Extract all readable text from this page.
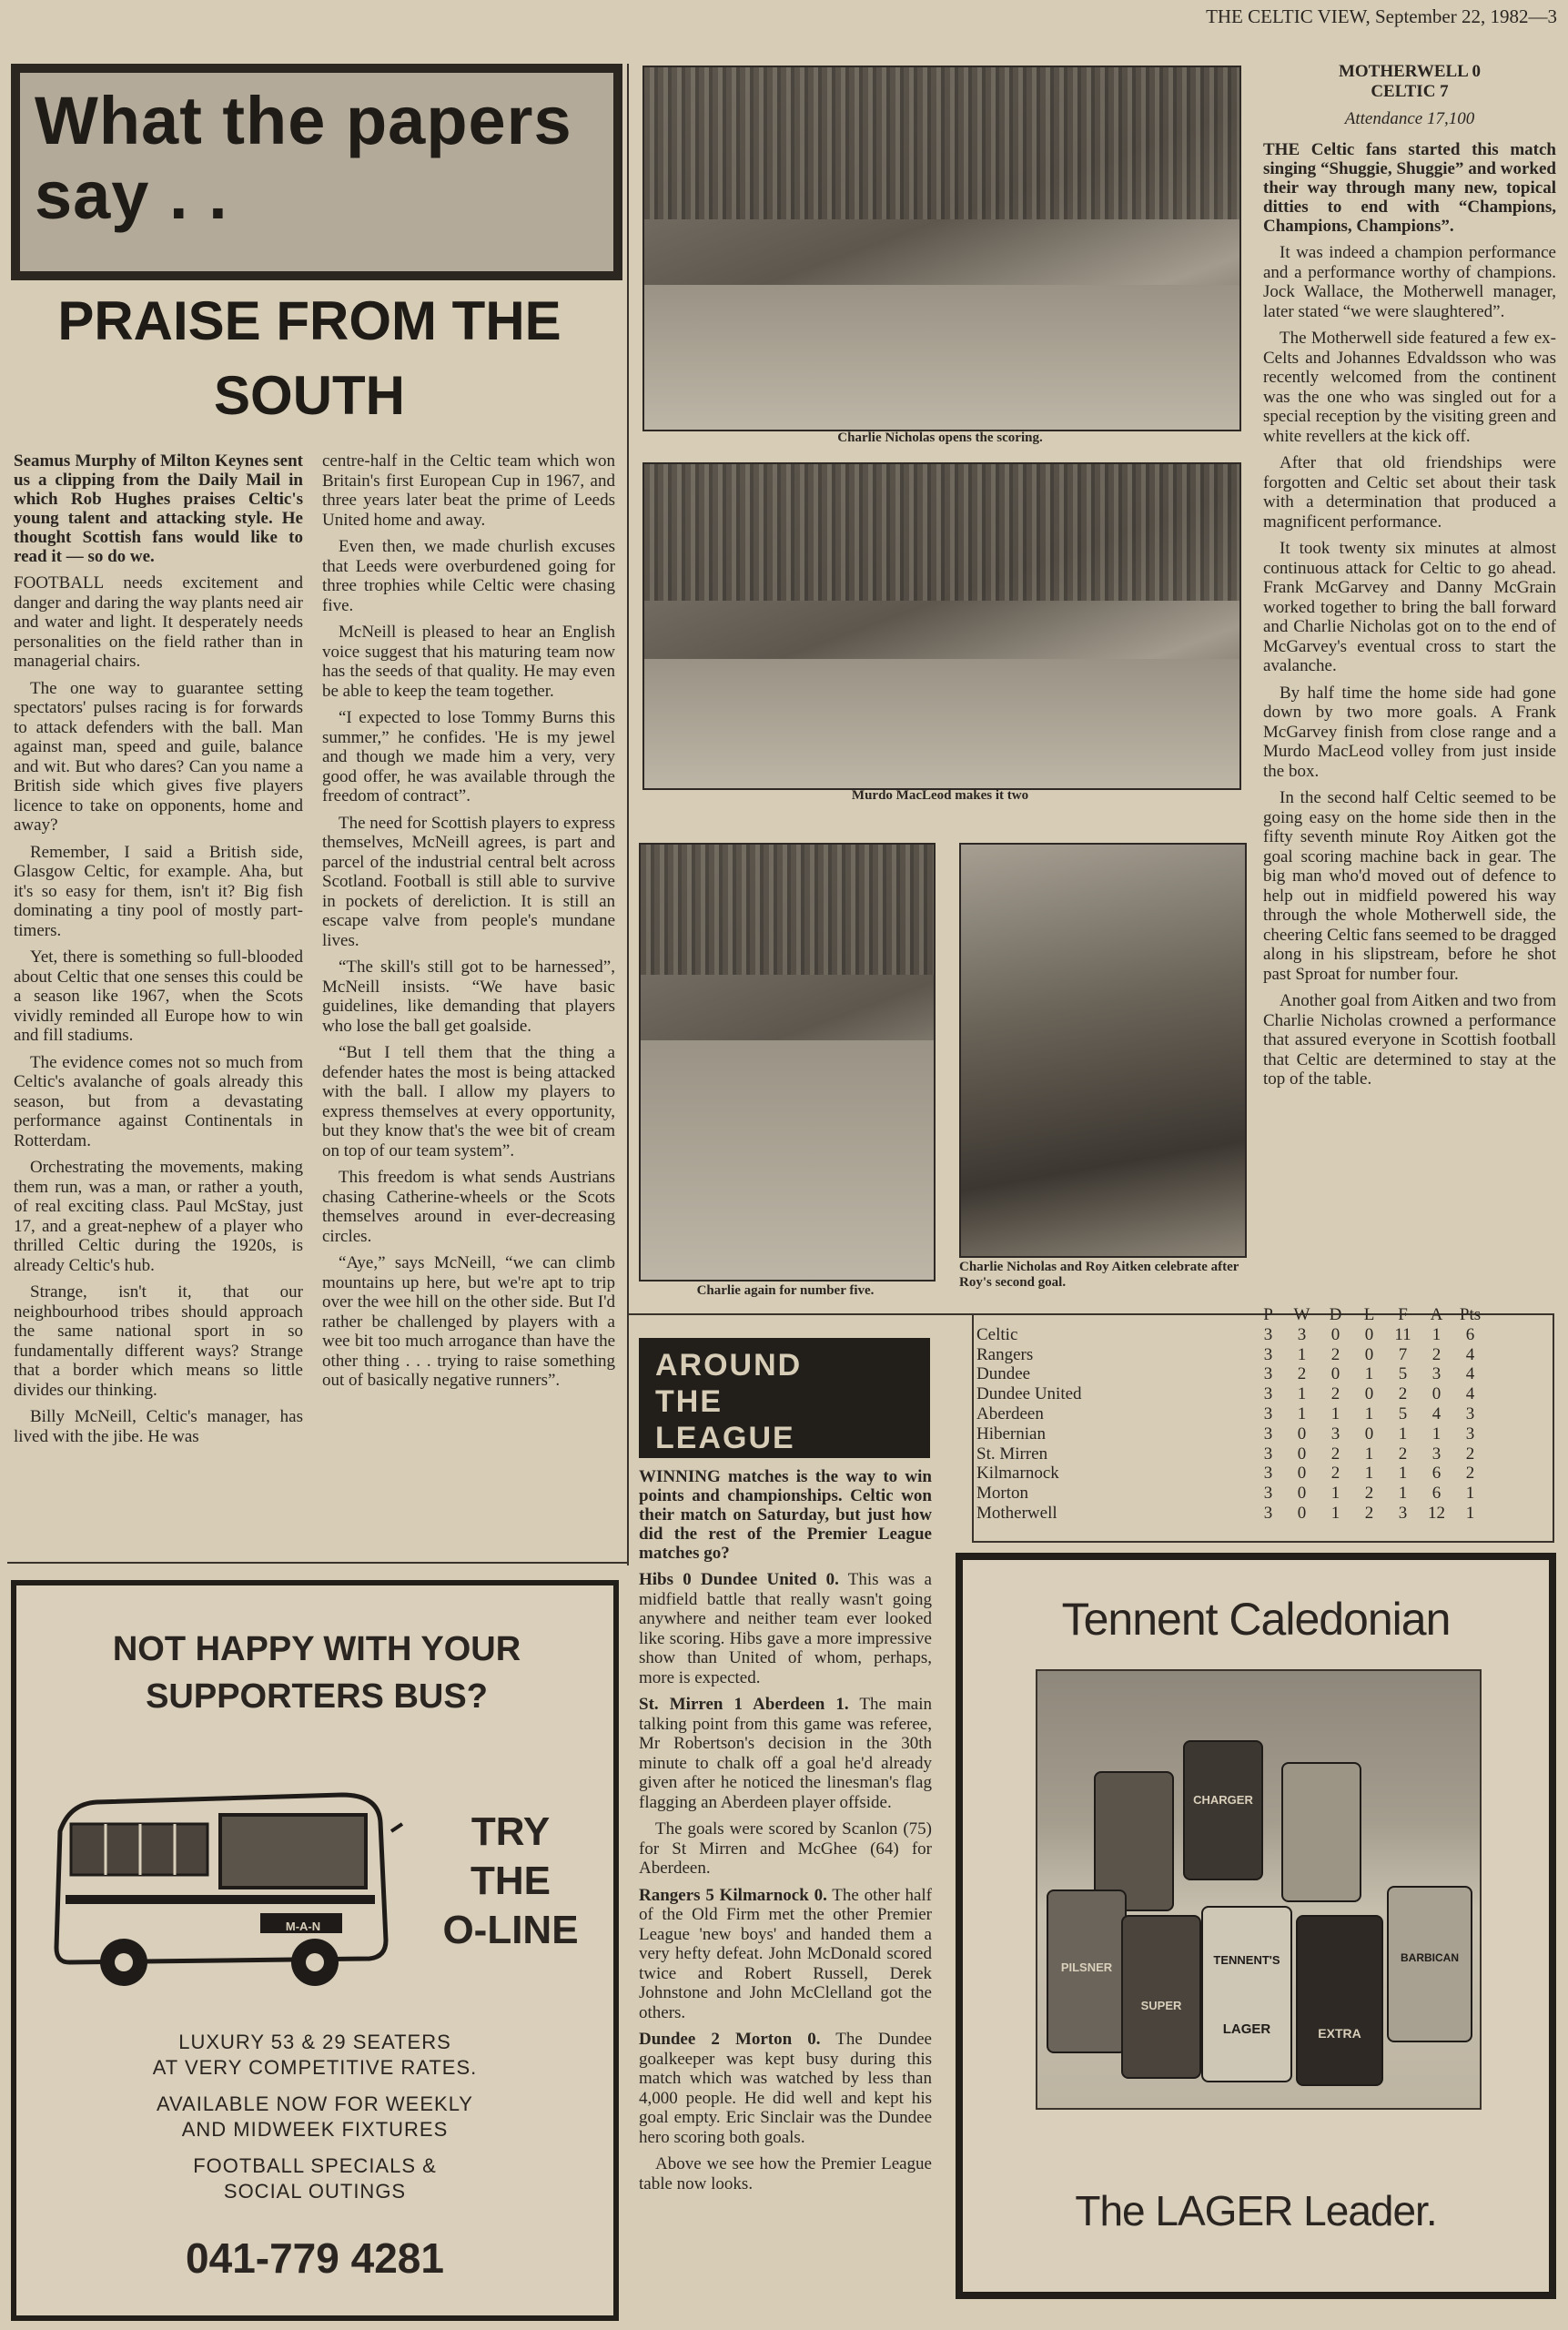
THE CELTIC VIEW, September 22, 1982—3
What the papers say . .
PRAISE FROM THE SOUTH

Seamus Murphy of Milton Keynes sent us a clipping from the Daily Mail in which Rob Hughes praises Celtic's young talent and attacking style. He thought Scottish fans would like to read it — so do we.

FOOTBALL needs excitement and danger and daring the way plants need air and water and light. It desperately needs personalities on the field rather than in managerial chairs.

The one way to guarantee setting spectators' pulses racing is for forwards to attack defenders with the ball. Man against man, speed and guile, balance and wit. But who dares? Can you name a British side which gives five players licence to take on opponents, home and away?

Remember, I said a British side, Glasgow Celtic, for example. Aha, but it's so easy for them, isn't it? Big fish dominating a tiny pool of mostly part-timers.

Yet, there is something so full-blooded about Celtic that one senses this could be a season like 1967, when the Scots vividly reminded all Europe how to win and fill stadiums.

The evidence comes not so much from Celtic's avalanche of goals already this season, but from a devastating performance against Continentals in Rotterdam.

Orchestrating the movements, making them run, was a man, or rather a youth, of real exciting class. Paul McStay, just 17, and a great-nephew of a player who thrilled Celtic during the 1920s, is already Celtic's hub.

Strange, isn't it, that our neighbourhood tribes should approach the same national sport in so fundamentally different ways? Strange that a border which means so little divides our thinking.

Billy McNeill, Celtic's manager, has lived with the jibe. He was

centre-half in the Celtic team which won Britain's first European Cup in 1967, and three years later beat the prime of Leeds United home and away.

Even then, we made churlish excuses that Leeds were overburdened going for three trophies while Celtic were chasing five.

McNeill is pleased to hear an English voice suggest that his maturing team now has the seeds of that quality. He may even be able to keep the team together.

“I expected to lose Tommy Burns this summer,” he confides. 'He is my jewel and though we made him a very, very good offer, he was available through the freedom of contract”.

The need for Scottish players to express themselves, McNeill agrees, is part and parcel of the industrial central belt across Scotland. Football is still able to survive in pockets of dereliction. It is still an escape valve from people's mundane lives.

“The skill's still got to be harnessed”, McNeill insists. “We have basic guidelines, like demanding that players who lose the ball get goalside.

“But I tell them that the thing a defender hates the most is being attacked with the ball. I allow my players to express themselves at every opportunity, but they know that's the wee bit of cream on top of our team system”.

This freedom is what sends Austrians chasing Catherine-wheels or the Scots themselves around in ever-decreasing circles.

“Aye,” says McNeill, “we can climb mountains up here, but we're apt to trip over the wee hill on the other side. But I'd rather be challenged by players with a wee bit too much arrogance than have the other thing . . . trying to raise something out of basically negative runners”.

Charlie Nicholas opens the scoring.
Murdo MacLeod makes it two
Charlie again for number five.
Charlie Nicholas and Roy Aitken celebrate after Roy's second goal.
MOTHERWELL 0
CELTIC 7
Attendance 17,100

THE Celtic fans started this match singing “Shuggie, Shuggie” and worked their way through many new, topical ditties to end with “Champions, Champions, Champions”.

It was indeed a champion performance and a performance worthy of champions. Jock Wallace, the Motherwell manager, later stated “we were slaughtered”.

The Motherwell side featured a few ex-Celts and Johannes Edvaldsson who was recently welcomed from the continent was the one who was singled out for a special reception by the visiting green and white revellers at the kick off.

After that old friendships were forgotten and Celtic set about their task with a determination that produced a magnificent performance.

It took twenty six minutes at almost continuous attack for Celtic to go ahead. Frank McGarvey and Danny McGrain worked together to bring the ball forward and Charlie Nicholas got on to the end of McGarvey's eventual cross to start the avalanche.

By half time the home side had gone down by two more goals. A Frank McGarvey finish from close range and a Murdo MacLeod volley from just inside the box.

In the second half Celtic seemed to be going easy on the home side then in the fifty seventh minute Roy Aitken got the goal scoring machine back in gear. The big man who'd moved out of defence to help out in midfield powered his way through the whole Motherwell side, the cheering Celtic fans seemed to be dragged along in his slipstream, before he shot past Sproat for number four.

Another goal from Aitken and two from Charlie Nicholas crowned a performance that assured everyone in Scottish football that Celtic are determined to stay at the top of the table.

AROUND THE LEAGUE

WINNING matches is the way to win points and championships. Celtic won their match on Saturday, but just how did the rest of the Premier League matches go?

Hibs 0 Dundee United 0. This was a midfield battle that really wasn't going anywhere and neither team ever looked like scoring. Hibs gave a more impressive show than United of whom, perhaps, more is expected.

St. Mirren 1 Aberdeen 1. The main talking point from this game was referee, Mr Robertson's decision in the 30th minute to chalk off a goal he'd already given after he noticed the linesman's flag flagging an Aberdeen player offside.

The goals were scored by Scanlon (75) for St Mirren and McGhee (64) for Aberdeen.

Rangers 5 Kilmarnock 0. The other half of the Old Firm met the other Premier League 'new boys' and handed them a very hefty defeat. John McDonald scored twice and Robert Russell, Derek Johnstone and John McClelland got the others.

Dundee 2 Morton 0. The Dundee goalkeeper was kept busy during this match which was watched by less than 4,000 people. He did well and kept his goal empty. Eric Sinclair was the Dundee hero scoring both goals.

Above we see how the Premier League table now looks.

	P	W	D	L	F	A	Pts
Celtic	3	3	0	0	11	1	6
Rangers	3	1	2	0	7	2	4
Dundee	3	2	0	1	5	3	4
Dundee United	3	1	2	0	2	0	4
Aberdeen	3	1	1	1	5	4	3
Hibernian	3	0	3	0	1	1	3
St. Mirren	3	0	2	1	2	3	2
Kilmarnock	3	0	2	1	1	6	2
Morton	3	0	1	2	1	6	1
Motherwell	3	0	1	2	3	12	1
NOT HAPPY WITH YOUR SUPPORTERS BUS?
M-A-N
TRY
THE
O-LINE
LUXURY 53 & 29 SEATERS
AT VERY COMPETITIVE RATES.
AVAILABLE NOW FOR WEEKLY
AND MIDWEEK FIXTURES
FOOTBALL SPECIALS &
SOCIAL OUTINGS
041-779 4281
Tennent Caledonian
CHARGER
PILSNER
SUPER
TENNENT'S
LAGER	EXTRA
BARBICAN
The LAGER Leader.
